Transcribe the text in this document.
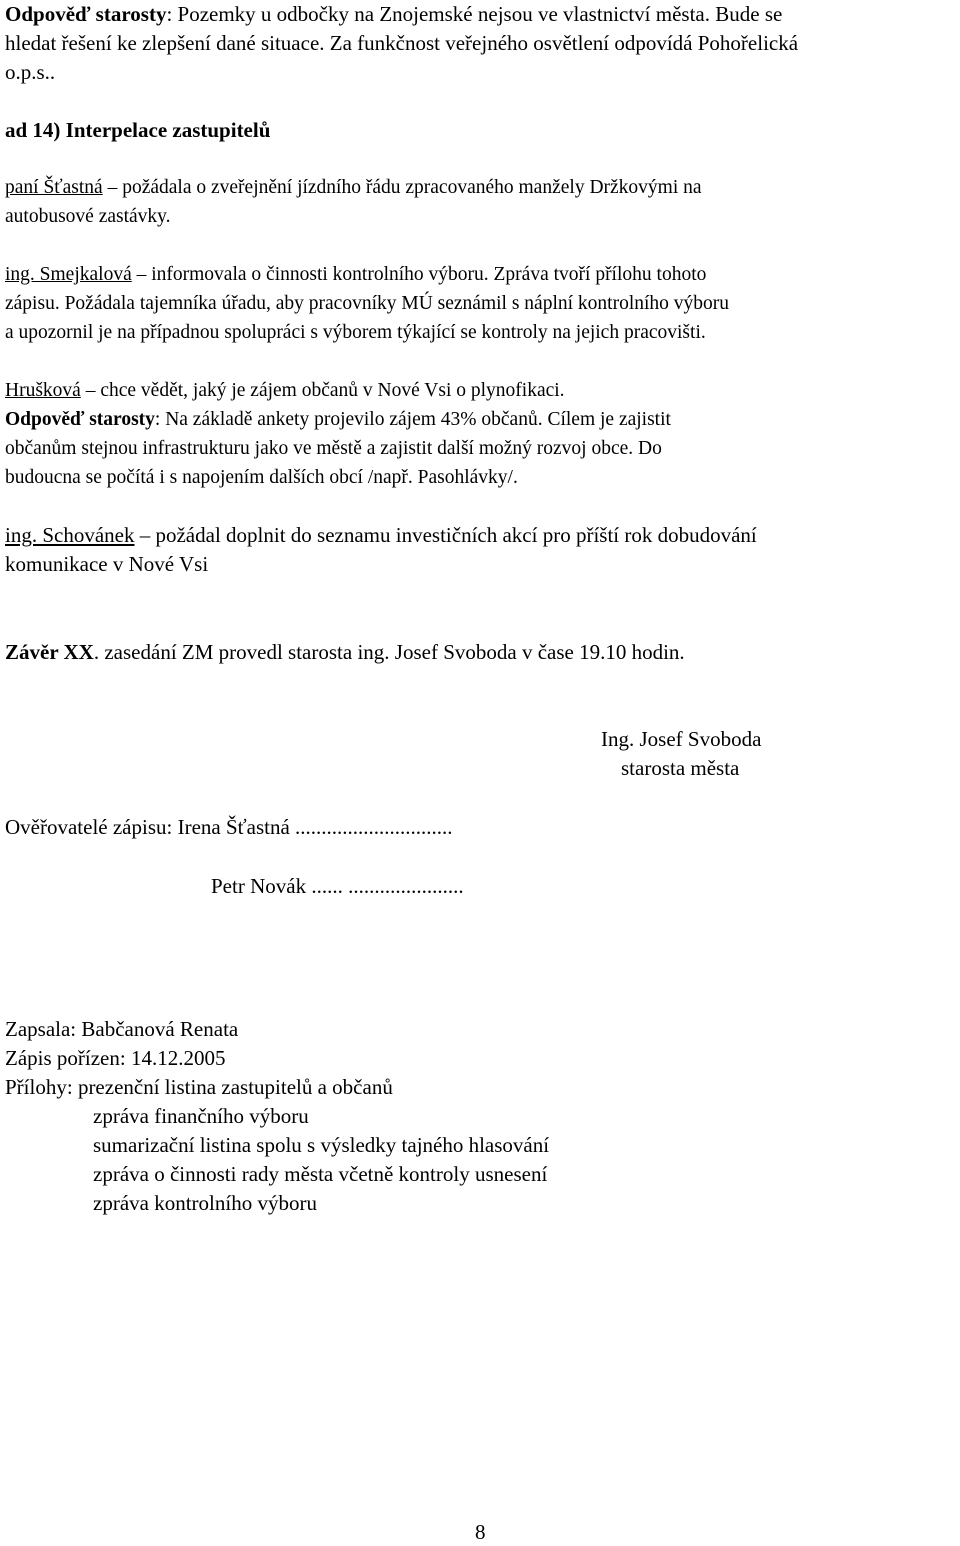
Odpověď starosty: Pozemky u odbočky na Znojemské nejsou ve vlastnictví města. Bude se
hledat řešení ke zlepšení dané situace. Za funkčnost veřejného osvětlení odpovídá Pohořelická
o.p.s..
ad 14) Interpelace zastupitelů
paní Šťastná – požádala o zveřejnění jízdního řádu zpracovaného manžely Držkovými na
autobusové zastávky.
ing. Smejkalová – informovala o činnosti kontrolního výboru. Zpráva tvoří přílohu tohoto
zápisu. Požádala tajemníka úřadu, aby pracovníky MÚ seznámil s náplní kontrolního výboru
a upozornil je na případnou spolupráci s výborem týkající se kontroly na jejich pracovišti.
Hrušková – chce vědět, jaký je zájem občanů v Nové Vsi o plynofikaci.
Odpověď starosty: Na základě ankety projevilo zájem 43% občanů. Cílem je zajistit
občanům stejnou infrastrukturu jako ve městě a zajistit další možný rozvoj obce. Do
budoucna se počítá i s napojením dalších obcí /např. Pasohlávky/.
ing. Schovánek – požádal doplnit do seznamu investičních akcí pro příští rok dobudování
komunikace v Nové Vsi
Závěr XX. zasedání ZM provedl starosta ing. Josef Svoboda v čase 19.10 hodin.
Ing. Josef Svoboda
starosta města
Ověřovatelé zápisu: Irena Šťastná ..............................
Petr Novák ...... ......................
Zapsala: Babčanová Renata
Zápis pořízen: 14.12.2005
Přílohy: prezenční listina zastupitelů a občanů
zpráva finančního výboru
sumarizační listina spolu s výsledky tajného hlasování
zpráva o činnosti rady města včetně kontroly usnesení
zpráva kontrolního výboru
8
